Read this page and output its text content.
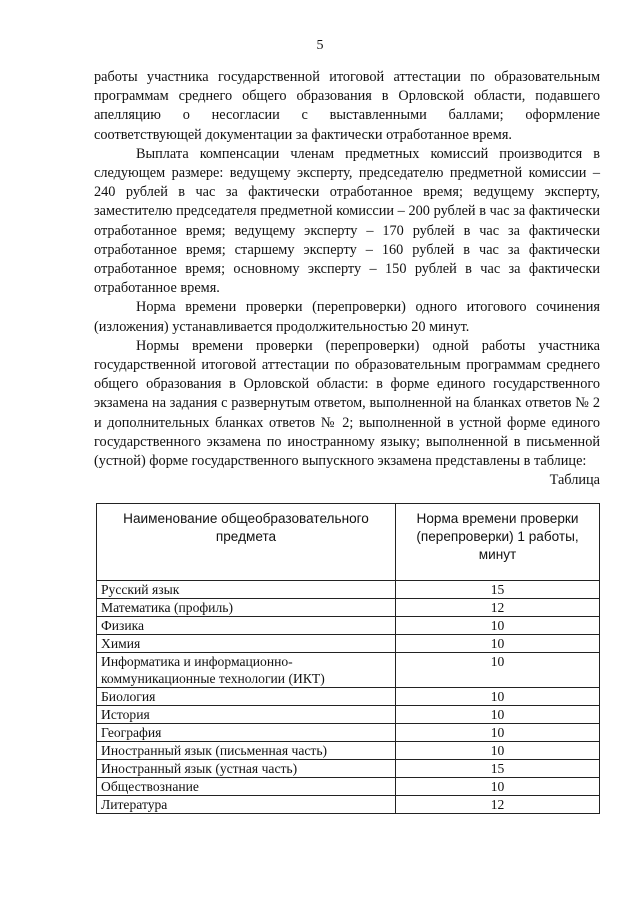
5

работы участника государственной итоговой аттестации по образовательным программам среднего общего образования в Орловской области, подавшего апелляцию о несогласии с выставленными баллами; оформление соответствующей документации за фактически отработанное время.

Выплата компенсации членам предметных комиссий производится в следующем размере: ведущему эксперту, председателю предметной комиссии – 240 рублей в час за фактически отработанное время; ведущему эксперту, заместителю председателя предметной комиссии – 200 рублей в час за фактически отработанное время; ведущему эксперту – 170 рублей в час за фактически отработанное время; старшему эксперту – 160 рублей в час за фактически отработанное время; основному эксперту – 150 рублей в час за фактически отработанное время.

Норма времени проверки (перепроверки) одного итогового сочинения (изложения) устанавливается продолжительностью 20 минут.

Нормы времени проверки (перепроверки) одной работы участника государственной итоговой аттестации по образовательным программам среднего общего образования в Орловской области: в форме единого государственного экзамена на задания с развернутым ответом, выполненной на бланках ответов № 2 и дополнительных бланках ответов № 2; выполненной в устной форме единого государственного экзамена по иностранному языку; выполненной в письменной (устной) форме государственного выпускного экзамена представлены в таблице:

Таблица
Наименование общеобразовательного предмета	Норма времени проверки (перепроверки) 1 работы, минут
Русский язык	15
Математика (профиль)	12
Физика	10
Химия	10
Информатика и информационно-коммуникационные технологии (ИКТ)	10
Биология	10
История	10
География	10
Иностранный язык (письменная часть)	10
Иностранный язык (устная часть)	15
Обществознание	10
Литература	12
